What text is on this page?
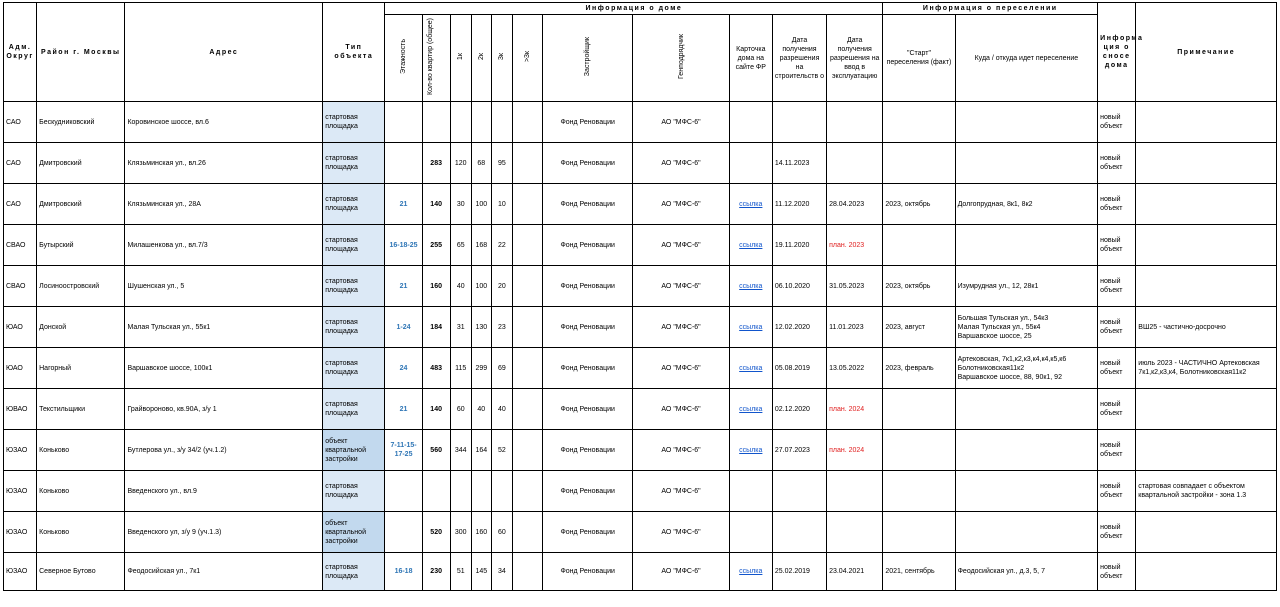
Адм. Округ	Район г. Москвы	Адрес	Тип объекта	Информация о доме											Информация о переселении		Информа ция о сносе дома	Примечание
				Этажность	Кол-во квартир (общее)	1к	2к	3к	>3к	Застройщик	Генподрядчик	Карточка дома на сайте ФР	Дата получения разрешения на строительств о	Дата получения разрешения на ввод в эксплуатацию	"Старт" переселения (факт)	Куда / откуда идет переселение		
САО	Бескудниковский	Коровинское шоссе, вл.6	стартовая площадка							Фонд Реновации	АО "МФС-6"						новый объект	
САО	Дмитровский	Клязьминская ул., вл.26	стартовая площадка		283	120	68	95		Фонд Реновации	АО "МФС-6"		14.11.2023				новый объект	
САО	Дмитровский	Клязьминская ул., 28А	стартовая площадка	21	140	30	100	10		Фонд Реновации	АО "МФС-6"	ссылка	11.12.2020	28.04.2023	2023, октябрь	Долгопрудная, 8к1, 8к2	новый объект	
СВАО	Бутырский	Милашенкова ул., вл.7/3	стартовая площадка	16-18-25	255	65	168	22		Фонд Реновации	АО "МФС-6"	ссылка	19.11.2020	план. 2023			новый объект	
СВАО	Лосиноостровский	Шушенская ул., 5	стартовая площадка	21	160	40	100	20		Фонд Реновации	АО "МФС-6"	ссылка	06.10.2020	31.05.2023	2023, октябрь	Изумрудная ул., 12, 28к1	новый объект	
ЮАО	Донской	Малая Тульская ул., 55к1	стартовая площадка	1-24	184	31	130	23		Фонд Реновации	АО "МФС-6"	ссылка	12.02.2020	11.01.2023	2023, август	Большая Тульская ул., 54к3
Малая Тульская ул., 55к4
Варшавское шоссе, 25	новый объект	ВШ25 - частично-досрочно
ЮАО	Нагорный	Варшавское шоссе, 100к1	стартовая площадка	24	483	115	299	69		Фонд Реновации	АО "МФС-6"	ссылка	05.08.2019	13.05.2022	2023, февраль	Артековская, 7к1,к2,к3,к4,к4,к5,к6
Болотниковская11к2
Варшавское шоссе, 88, 90к1, 92	новый объект	июль 2023 - ЧАСТИЧНО Артековская 7к1,к2,к3,к4, Болотниковская11к2
ЮВАО	Текстильщики	Грайвороново, кв.90А, з/у 1	стартовая площадка	21	140	60	40	40		Фонд Реновации	АО "МФС-6"	ссылка	02.12.2020	план. 2024			новый объект	
ЮЗАО	Коньково	Бутлерова ул., з/у 34/2 (уч.1.2)	объект квартальной застройки	7-11-15-17-25	560	344	164	52		Фонд Реновации	АО "МФС-6"	ссылка	27.07.2023	план. 2024			новый объект	
ЮЗАО	Коньково	Введенского ул., вл.9	стартовая площадка							Фонд Реновации	АО "МФС-6"						новый объект	стартовая совпадает с объектом квартальной застройки - зона 1.3
ЮЗАО	Коньково	Введенского ул, з/у 9 (уч.1.3)	объект квартальной застройки		520	300	160	60		Фонд Реновации	АО "МФС-6"						новый объект	
ЮЗАО	Северное Бутово	Феодосийская ул., 7к1	стартовая площадка	16-18	230	51	145	34		Фонд Реновации	АО "МФС-6"	ссылка	25.02.2019	23.04.2021	2021, сентябрь	Феодосийская ул., д.3, 5, 7	новый объект	
